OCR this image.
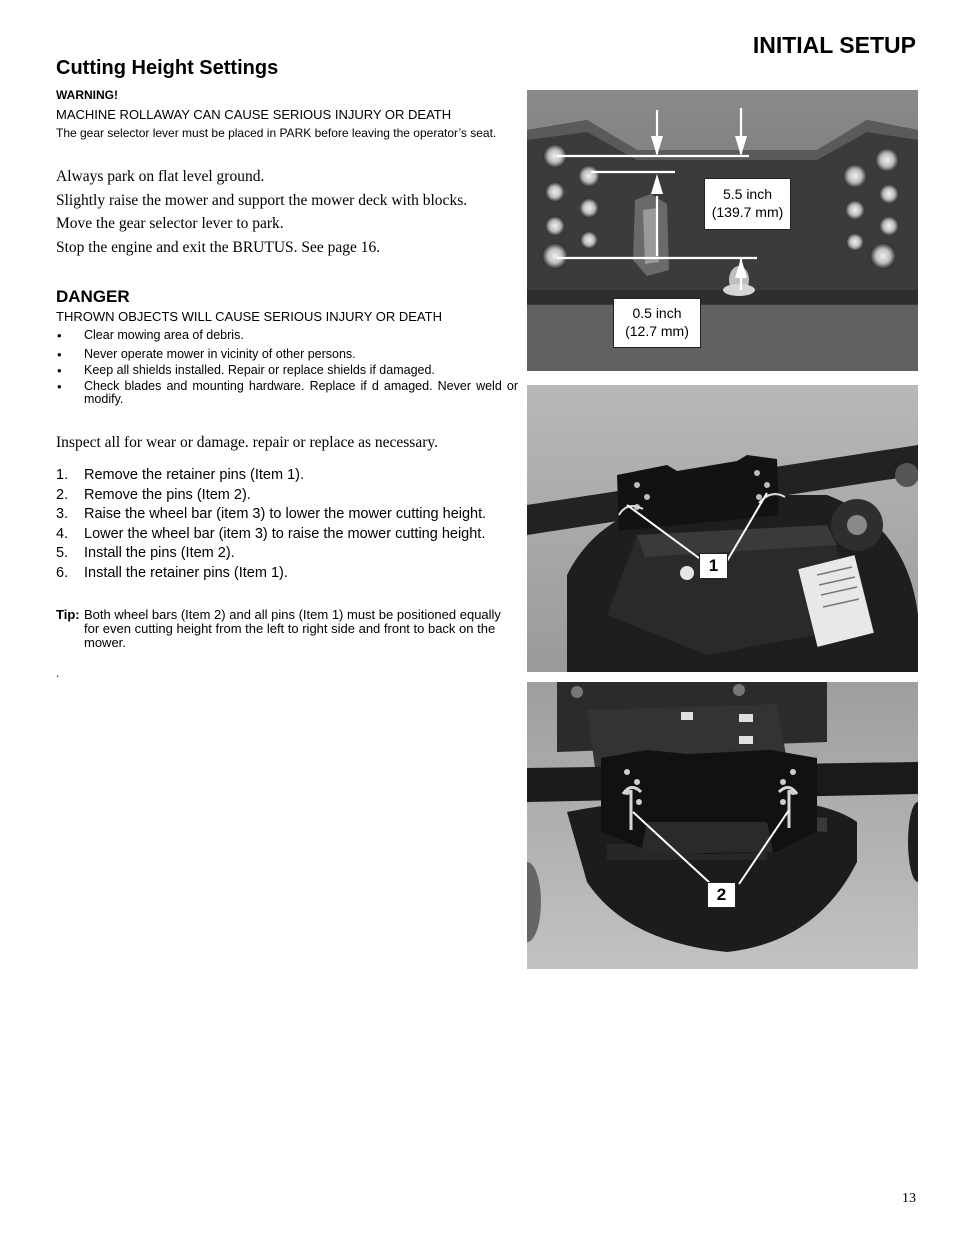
INITIAL SETUP
Cutting Height Settings
WARNING!
MACHINE ROLLAWAY CAN CAUSE SERIOUS INJURY OR DEATH
The gear selector lever must be placed in PARK before leaving the operator’s seat.
Always park on flat level ground.
Slightly raise the mower and support the mower deck with blocks.
Move the gear selector lever to park.
Stop the engine and exit the BRUTUS. See page 16.
DANGER
THROWN OBJECTS WILL CAUSE SERIOUS INJURY OR DEATH
• Clear mowing area of debris.
• Never operate mower in vicinity of other persons.
• Keep all shields installed. Repair or replace shields if damaged.
• Check blades and mounting hardware. Replace if d amaged. Never weld or modify.
Inspect all for wear or damage. repair or replace as necessary.
1. Remove the retainer pins (Item 1).
2. Remove the pins (Item 2).
3. Raise the wheel bar (item 3) to lower the mower cutting height.
4. Lower the wheel bar (item 3) to raise the mower cutting height.
5. Install the pins (Item 2).
6. Install the retainer pins (Item 1).
Tip: Both wheel bars (Item 2) and all pins (Item 1) must be positioned equally for even cutting height from the left to right side and front to back on the mower.
.
5.5 inch
(139.7 mm)
0.5 inch
(12.7 mm)
1
2
13
